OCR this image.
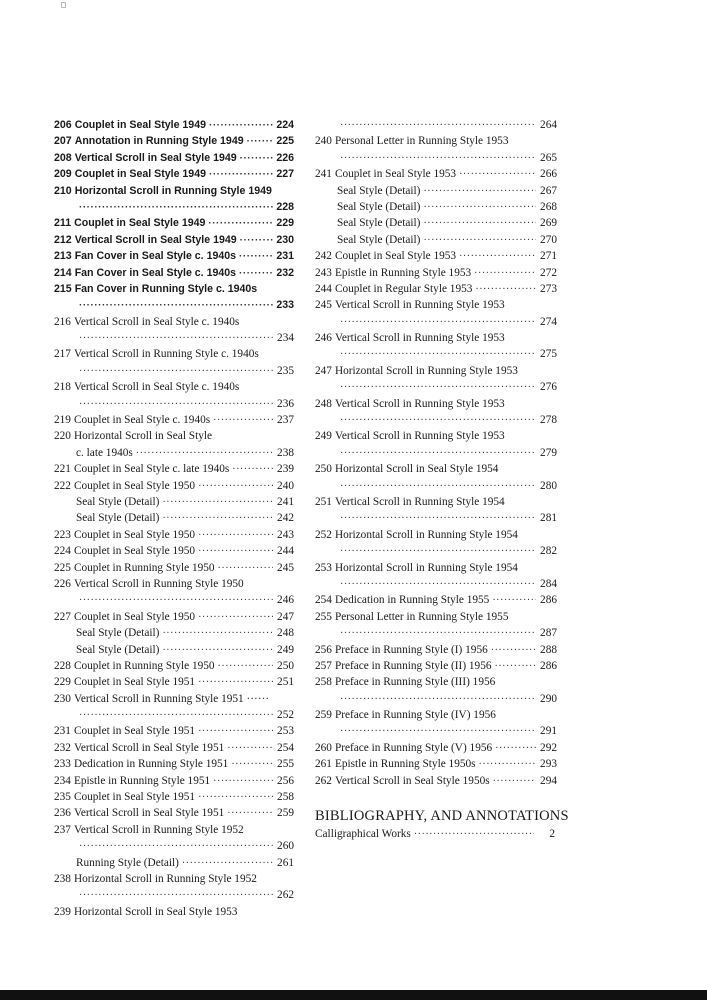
206 Couplet in Seal Style 1949 ·····	224
207 Annotation in Running Style 1949 ·····	225
208 Vertical Scroll in Seal Style 1949 ·····	226
209 Couplet in Seal Style 1949 ·····	227
210 Horizontal Scroll in Running Style 1949
·····
228
211 Couplet in Seal Style 1949 ·····	229
212 Vertical Scroll in Seal Style 1949 ·····	230
213 Fan Cover in Seal Style c. 1940s ·····	231
214 Fan Cover in Seal Style c. 1940s ·····	232
215 Fan Cover in Running Style c. 1940s
·····
233
216 Vertical Scroll in Seal Style c. 1940s
·····
234
217 Vertical Scroll in Running Style c. 1940s
·····
235
218 Vertical Scroll in Seal Style c. 1940s
·····
236
219 Couplet in Seal Style c. 1940s ·····	237
220 Horizontal Scroll in Seal Style
c. late 1940s ·····	238
221 Couplet in Seal Style c. late 1940s ·····	239
222 Couplet in Seal Style 1950 ·····	240
Seal Style (Detail) ·····	241
Seal Style (Detail) ·····	242
223 Couplet in Seal Style 1950 ·····	243
224 Couplet in Seal Style 1950 ·····	244
225 Couplet in Running Style 1950 ·····	245
226 Vertical Scroll in Running Style 1950
·····
246
227 Couplet in Seal Style 1950 ·····	247
Seal Style (Detail) ·····	248
Seal Style (Detail) ·····	249
228 Couplet in Running Style 1950 ·····	250
229 Couplet in Seal Style 1951 ·····	251
230 Vertical Scroll in Running Style 1951 ······
·····
252
231 Couplet in Seal Style 1951 ·····	253
232 Vertical Scroll in Seal Style 1951 ·····	254
233 Dedication in Running Style 1951 ·····	255
234 Epistle in Running Style 1951 ·····	256
235 Couplet in Seal Style 1951 ·····	258
236 Vertical Scroll in Seal Style 1951 ·····	259
237 Vertical Scroll in Running Style 1952
·····
260
Running Style (Detail) ·····	261
238 Horizontal Scroll in Running Style 1952
·····
262
239 Horizontal Scroll in Seal Style 1953
·····
264
240 Personal Letter in Running Style 1953
·····
265
241 Couplet in Seal Style 1953 ·····	266
Seal Style (Detail) ·····	267
Seal Style (Detail) ·····	268
Seal Style (Detail) ·····	269
Seal Style (Detail) ·····	270
242 Couplet in Seal Style 1953 ·····	271
243 Epistle in Running Style 1953 ·····	272
244 Couplet in Regular Style 1953 ·····	273
245 Vertical Scroll in Running Style 1953
·····
274
246 Vertical Scroll in Running Style 1953
·····
275
247 Horizontal Scroll in Running Style 1953
·····
276
248 Vertical Scroll in Running Style 1953
·····
278
249 Vertical Scroll in Running Style 1953
·····
279
250 Horizontal Scroll in Seal Style 1954
·····
280
251 Vertical Scroll in Running Style 1954
·····
281
252 Horizontal Scroll in Running Style 1954
·····
282
253 Horizontal Scroll in Running Style 1954
·····
284
254 Dedication in Running Style 1955 ·····	286
255 Personal Letter in Running Style 1955
·····
287
256 Preface in Running Style (I) 1956 ·····	288
257 Preface in Running Style (II) 1956 ·····	286
258 Preface in Running Style (III) 1956
·····
290
259 Preface in Running Style (IV) 1956
·····
291
260 Preface in Running Style (V) 1956 ·····	292
261 Epistle in Running Style 1950s ·····	293
262 Vertical Scroll in Seal Style 1950s ·····	294
BIBLIOGRAPHY, AND ANNOTATIONS
Calligraphical Works ·····	2
